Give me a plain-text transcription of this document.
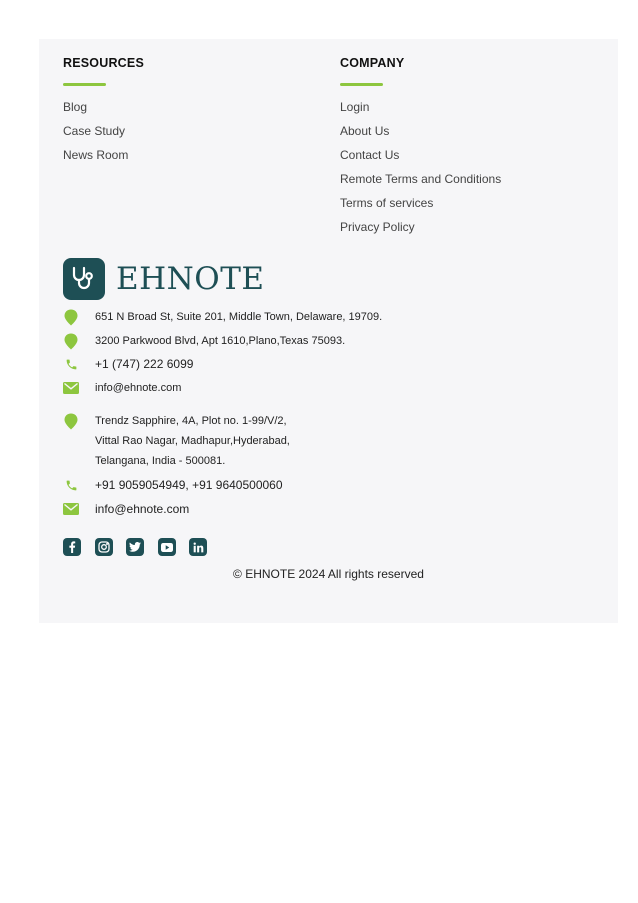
RESOURCES
Blog
Case Study
News Room
COMPANY
Login
About Us
Contact Us
Remote Terms and Conditions
Terms of services
Privacy Policy
EHNOTE
651 N Broad St, Suite 201, Middle Town, Delaware, 19709.
3200 Parkwood Blvd, Apt 1610,Plano,Texas 75093.
+1 (747) 222 6099
info@ehnote.com
Trendz Sapphire, 4A, Plot no. 1-99/V/2,
Vittal Rao Nagar, Madhapur,Hyderabad,
Telangana, India - 500081.
+91 9059054949, +91 9640500060
info@ehnote.com
© EHNOTE 2024 All rights reserved
